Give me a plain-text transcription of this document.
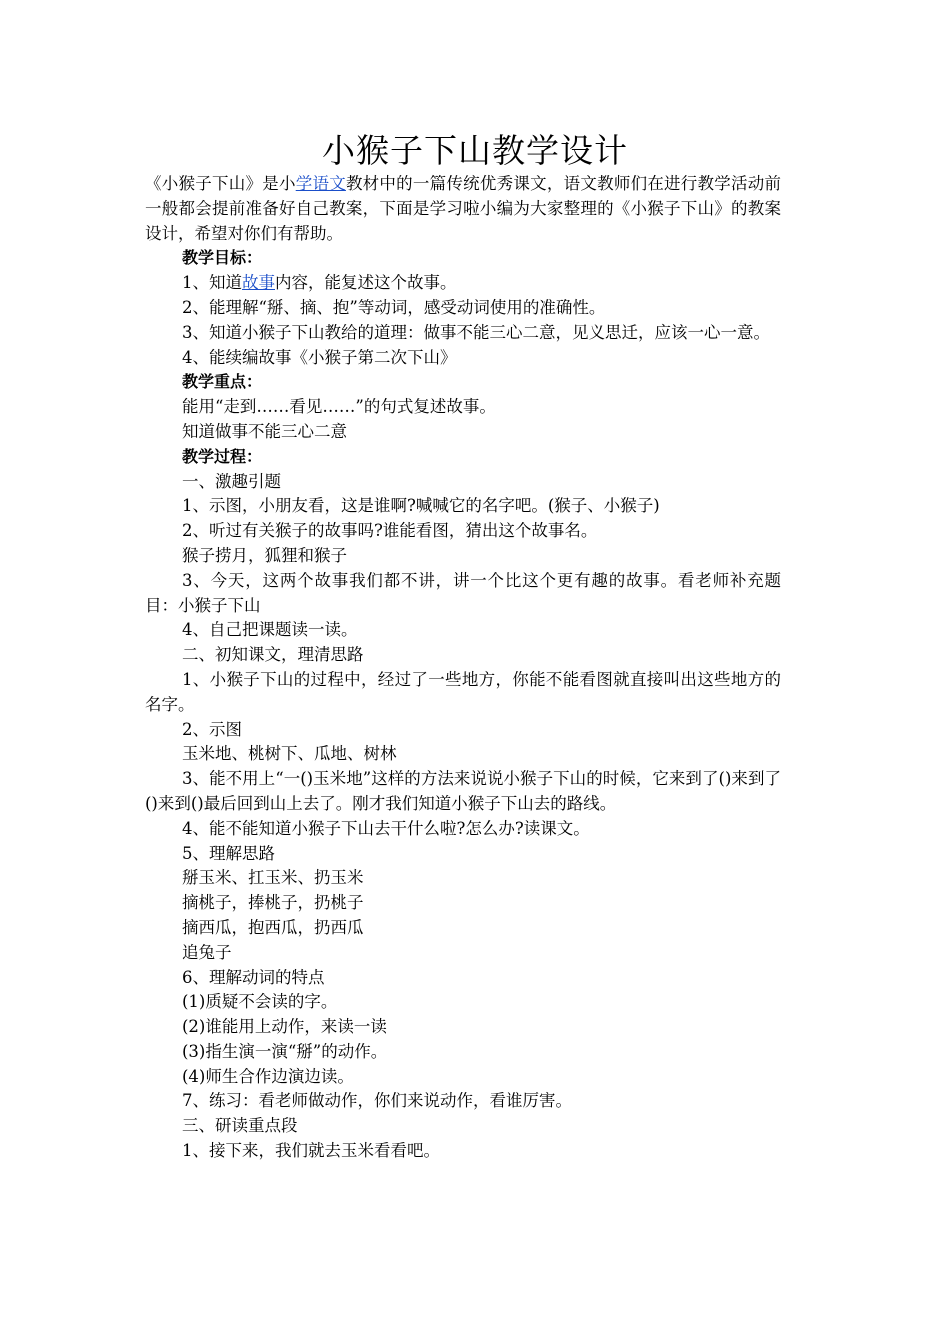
小猴子下山教学设计

《小猴子下山》是小学语文教材中的一篇传统优秀课文，语文教师们在进行教学活动前一般都会提前准备好自己教案，下面是学习啦小编为大家整理的《小猴子下山》的教案设计，希望对你们有帮助。

教学目标：

1、知道故事内容，能复述这个故事。

2、能理解“掰、摘、抱”等动词，感受动词使用的准确性。

3、知道小猴子下山教给的道理：做事不能三心二意，见义思迁，应该一心一意。

4、能续编故事《小猴子第二次下山》

教学重点：

能用“走到……看见……”的句式复述故事。

知道做事不能三心二意

教学过程：

一、激趣引题

1、示图，小朋友看，这是谁啊?喊喊它的名字吧。(猴子、小猴子)

2、听过有关猴子的故事吗?谁能看图，猜出这个故事名。

猴子捞月，狐狸和猴子

3、今天，这两个故事我们都不讲，讲一个比这个更有趣的故事。看老师补充题目：小猴子下山

4、自己把课题读一读。

二、初知课文，理清思路

1、小猴子下山的过程中，经过了一些地方，你能不能看图就直接叫出这些地方的名字。

2、示图

玉米地、桃树下、瓜地、树林

3、能不用上“一()玉米地”这样的方法来说说小猴子下山的时候，它来到了()来到了()来到()最后回到山上去了。刚才我们知道小猴子下山去的路线。

4、能不能知道小猴子下山去干什么啦?怎么办?读课文。

5、理解思路

掰玉米、扛玉米、扔玉米

摘桃子，捧桃子，扔桃子

摘西瓜，抱西瓜，扔西瓜

追兔子

6、理解动词的特点

(1)质疑不会读的字。

(2)谁能用上动作，来读一读

(3)指生演一演“掰”的动作。

(4)师生合作边演边读。

7、练习：看老师做动作，你们来说动作，看谁厉害。

三、研读重点段

1、接下来，我们就去玉米看看吧。
